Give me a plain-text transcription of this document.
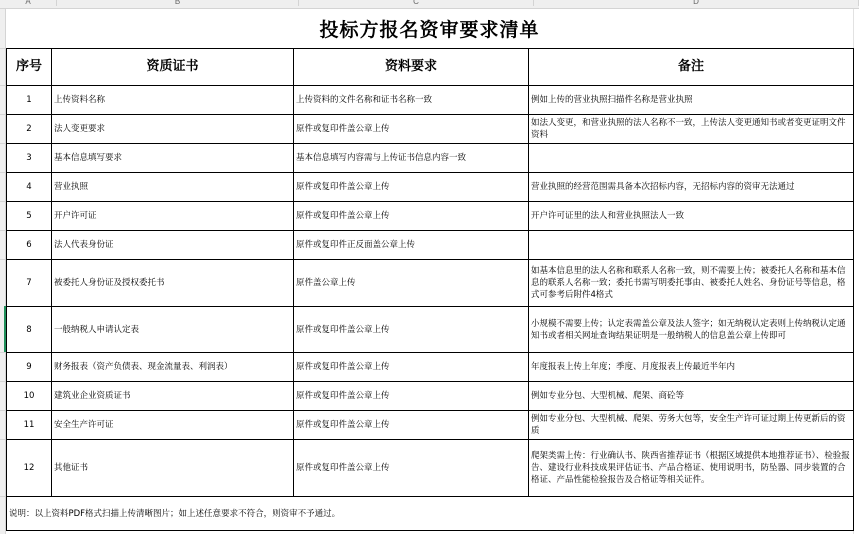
A	B	C	D
投标方报名资审要求清单
序号	资质证书	资料要求	备注
1	上传资料名称	上传资料的文件名称和证书名称一致	例如上传的营业执照扫描件名称是营业执照
2	法人变更要求	原件或复印件盖公章上传	如法人变更，和营业执照的法人名称不一致，上传法人变更通知书或者变更证明文件资料
3	基本信息填写要求	基本信息填写内容需与上传证书信息内容一致	
4	营业执照	原件或复印件盖公章上传	营业执照的经营范围需具备本次招标内容，无招标内容的资审无法通过
5	开户许可证	原件或复印件盖公章上传	开户许可证里的法人和营业执照法人一致
6	法人代表身份证	原件或复印件正反面盖公章上传	
7	被委托人身份证及授权委托书	原件盖公章上传	如基本信息里的法人名称和联系人名称一致，则不需要上传；被委托人名称和基本信息的联系人名称一致；委托书需写明委托事由、被委托人姓名、身份证号等信息，格式可参考后附件4格式
8	一般纳税人申请认定表	原件或复印件盖公章上传	小规模不需要上传；认定表需盖公章及法人签字；如无纳税认定表则上传纳税认定通知书或者相关网址查询结果证明是一般纳税人的信息盖公章上传即可
9	财务报表（资产负债表、现金流量表、利润表）	原件或复印件盖公章上传	年度报表上传上年度；季度、月度报表上传最近半年内
10	建筑业企业资质证书	原件或复印件盖公章上传	例如专业分包、大型机械、爬架、商砼等
11	安全生产许可证	原件或复印件盖公章上传	例如专业分包、大型机械、爬架、劳务大包等，安全生产许可证过期上传更新后的资质
12	其他证书	原件或复印件盖公章上传	爬架类需上传：行业确认书、陕西省推荐证书（根据区域提供本地推荐证书）、检验报告、建设行业科技成果评估证书、产品合格证、使用说明书，防坠器、同步装置的合格证、产品性能检验报告及合格证等相关证件。
说明：以上资料PDF格式扫描上传清晰图片；如上述任意要求不符合，则资审不予通过。			
